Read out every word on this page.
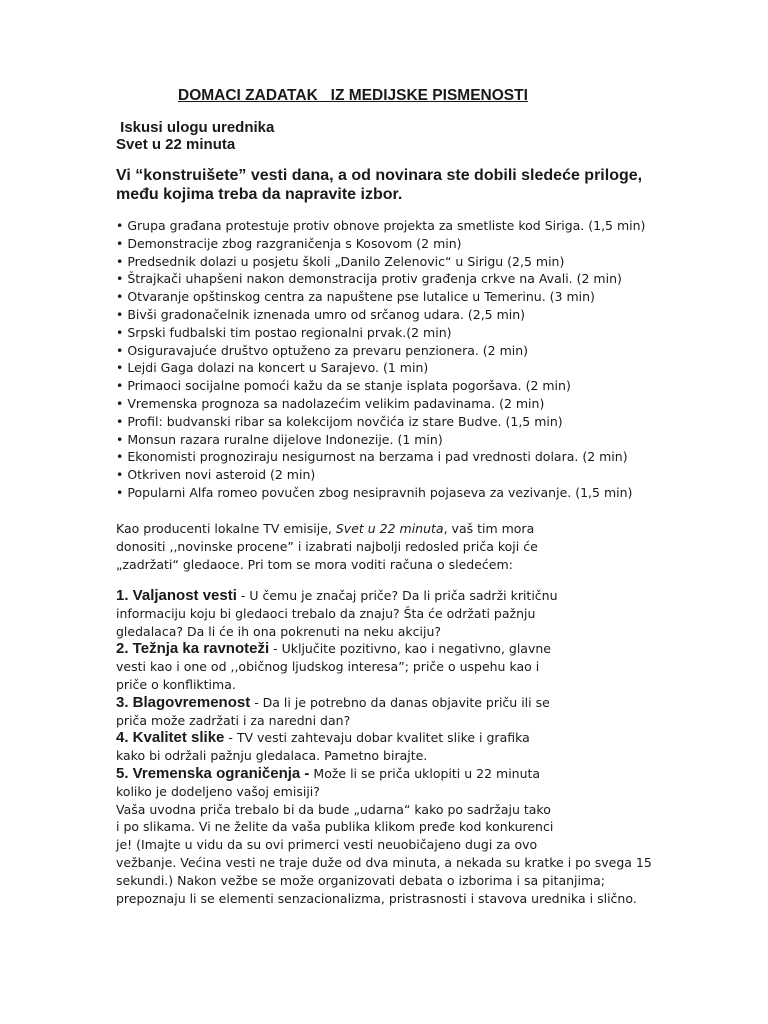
DOMACI ZADATAK   IZ MEDIJSKE PISMENOSTI
Iskusi ulogu urednika
Svet u 22 minuta
Vi “konstruišete” vesti dana, a od novinara ste dobili sledeće priloge,
među kojima treba da napravite izbor.
• Grupa građana protestuje protiv obnove projekta za smetliste kod Siriga. (1,5 min)
• Demonstracije zbog razgraničenja s Kosovom (2 min)
• Predsednik dolazi u posjetu školi „Danilo Zelenovic“ u Sirigu (2,5 min)
• Štrajkači uhapšeni nakon demonstracija protiv građenja crkve na Avali. (2 min)
• Otvaranje opštinskog centra za napuštene pse lutalice u Temerinu. (3 min)
• Bivši gradonačelnik iznenada umro od srčanog udara. (2,5 min)
• Srpski fudbalski tim postao regionalni prvak.(2 min)
• Osiguravajuće društvo optuženo za prevaru penzionera. (2 min)
• Lejdi Gaga dolazi na koncert u Sarajevo. (1 min)
• Primaoci socijalne pomoći kažu da se stanje isplata pogoršava. (2 min)
• Vremenska prognoza sa nadolazećim velikim padavinama. (2 min)
• Profil: budvanski ribar sa kolekcijom novčića iz stare Budve. (1,5 min)
• Monsun razara ruralne dijelove Indonezije. (1 min)
• Ekonomisti prognoziraju nesigurnost na berzama i pad vrednosti dolara. (2 min)
• Otkriven novi asteroid (2 min)
• Popularni Alfa romeo povučen zbog nesipravnih pojaseva za vezivanje. (1,5 min)
Kao producenti lokalne TV emisije, Svet u 22 minuta, vaš tim mora
donositi ,,novinske procene” i izabrati najbolji redosled priča koji će
„zadržati“ gledaoce. Pri tom se mora voditi računa o sledećem:
1. Valjanost vesti - U čemu je značaj priče? Da li priča sadrži kritičnu
informaciju koju bi gledaoci trebalo da znaju? Šta će održati pažnju
gledalaca? Da li će ih ona pokrenuti na neku akciju?
2. Težnja ka ravnoteži - Uključite pozitivno, kao i negativno, glavne
vesti kao i one od ,,običnog ljudskog interesa”; priče o uspehu kao i
priče o konfliktima.
3. Blagovremenost - Da li je potrebno da danas objavite priču ili se
priča može zadržati i za naredni dan?
4. Kvalitet slike - TV vesti zahtevaju dobar kvalitet slike i grafika
kako bi održali pažnju gledalaca. Pametno birajte.
5. Vremenska ograničenja - Može li se priča uklopiti u 22 minuta
koliko je dodeljeno vašoj emisiji?
Vaša uvodna priča trebalo bi da bude „udarna“ kako po sadržaju tako
i po slikama. Vi ne želite da vaša publika klikom pređe kod konkurenci
je! (Imajte u vidu da su ovi primerci vesti neuobičajeno dugi za ovo
vežbanje. Većina vesti ne traje duže od dva minuta, a nekada su kratke i po svega 15
sekundi.) Nakon vežbe se može organizovati debata o izborima i sa pitanjima;
prepoznaju li se elementi senzacionalizma, pristrasnosti i stavova urednika i slično.
